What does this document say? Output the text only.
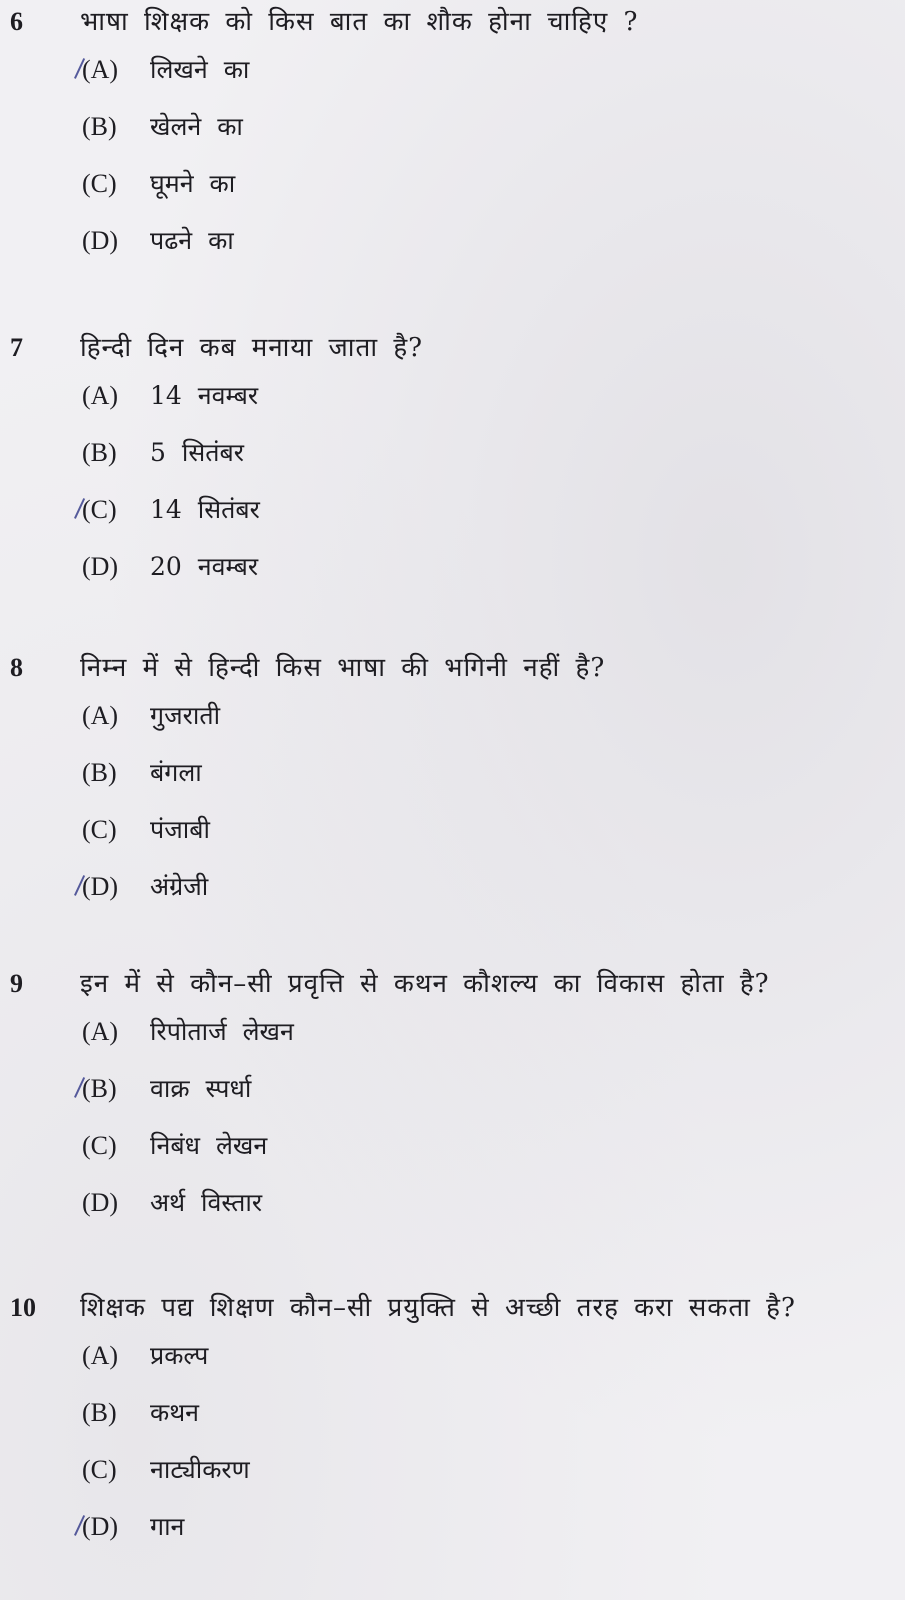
6 भाषा शिक्षक को किस बात का शौक होना चाहिए ?
(A) लिखने का
(B) खेलने का
(C) घूमने का
(D) पढने का
7 हिन्दी दिन कब मनाया जाता है?
(A) 14 नवम्बर
(B) 5 सितंबर
(C) 14 सितंबर
(D) 20 नवम्बर
8 निम्न में से हिन्दी किस भाषा की भगिनी नहीं है?
(A) गुजराती
(B) बंगला
(C) पंजाबी
(D) अंग्रेजी
9 इन में से कौन–सी प्रवृत्ति से कथन कौशल्य का विकास होता है?
(A) रिपोतार्ज लेखन
(B) वाक्र स्पर्धा
(C) निबंध लेखन
(D) अर्थ विस्तार
10 शिक्षक पद्य शिक्षण कौन–सी प्रयुक्ति से अच्छी तरह करा सकता है?
(A) प्रकल्प
(B) कथन
(C) नाट्यीकरण
(D) गान
